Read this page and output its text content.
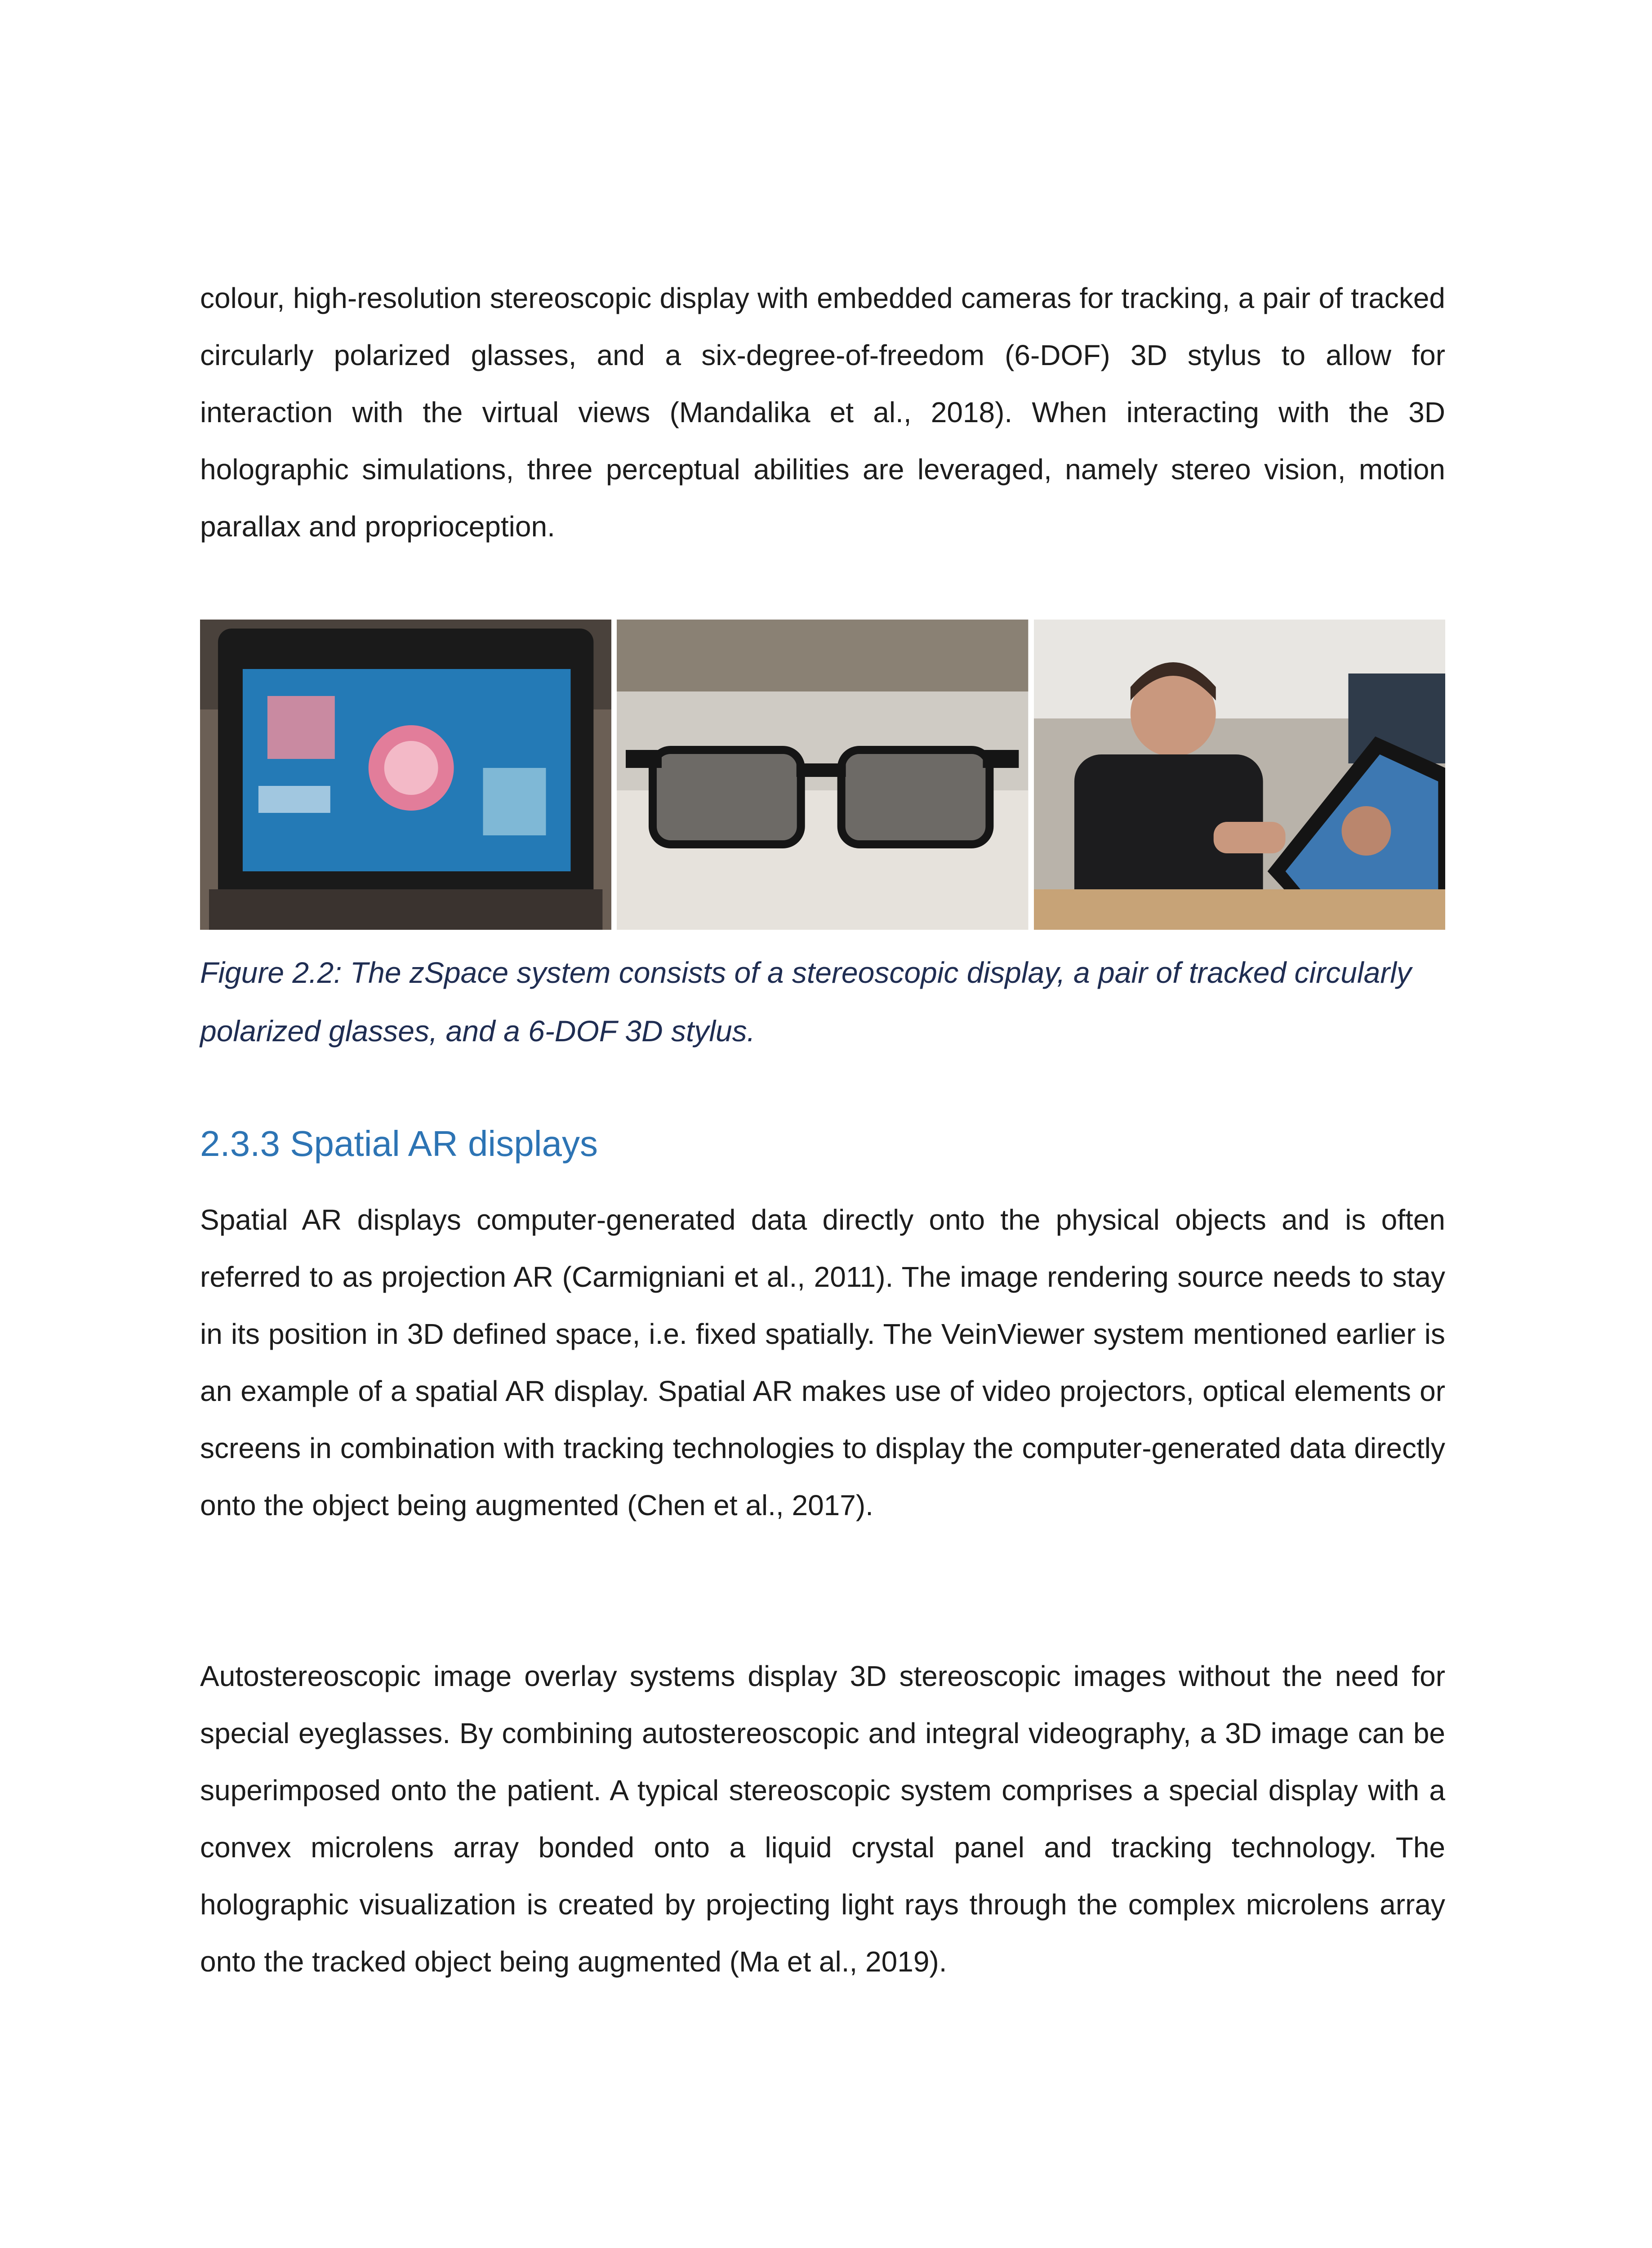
colour, high-resolution stereoscopic display with embedded cameras for tracking, a pair of tracked circularly polarized glasses, and a six-degree-of-freedom (6-DOF) 3D stylus to allow for interaction with the virtual views (Mandalika et al., 2018). When interacting with the 3D holographic simulations, three perceptual abilities are leveraged, namely stereo vision, motion parallax and proprioception.

Figure 2.2: The zSpace system consists of a stereoscopic display, a pair of tracked circularly polarized glasses, and a 6-DOF 3D stylus.

2.3.3 Spatial AR displays

Spatial AR displays computer-generated data directly onto the physical objects and is often referred to as projection AR (Carmigniani et al., 2011). The image rendering source needs to stay in its position in 3D defined space, i.e. fixed spatially. The VeinViewer system mentioned earlier is an example of a spatial AR display. Spatial AR makes use of video projectors, optical elements or screens in combination with tracking technologies to display the computer-generated data directly onto the object being augmented (Chen et al., 2017).

Autostereoscopic image overlay systems display 3D stereoscopic images without the need for special eyeglasses. By combining autostereoscopic and integral videography, a 3D image can be superimposed onto the patient. A typical stereoscopic system comprises a special display with a convex microlens array bonded onto a liquid crystal panel and tracking technology. The holographic visualization is created by projecting light rays through the complex microlens array onto the tracked object being augmented (Ma et al., 2019).
